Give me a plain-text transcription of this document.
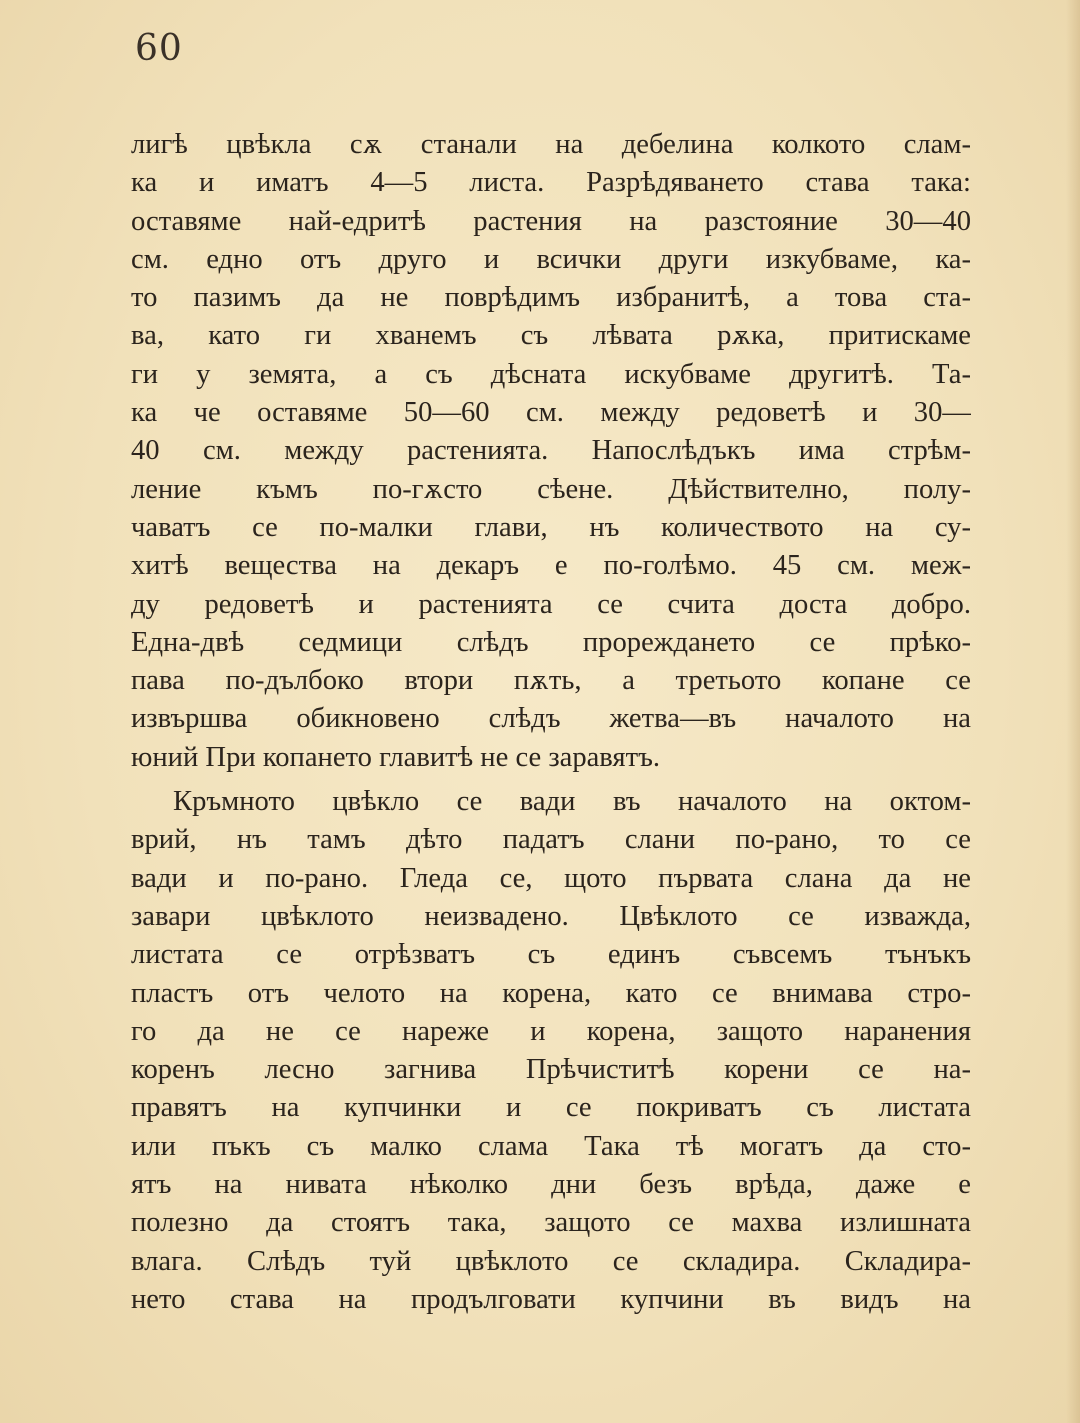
60
лигѣ цвѣкла сѫ станали на дебелина колкото слам-
ка и иматъ 4—5 листа. Разрѣдяването става така:
оставяме най-едритѣ растения на разстояние 30—40
см. едно отъ друго и всички други изкубваме, ка-
то пазимъ да не поврѣдимъ избранитѣ, а това ста-
ва, като ги хванемъ съ лѣвата рѫка, притискаме
ги у земята, а съ дѣсната искубваме другитѣ. Та-
ка че оставяме 50—60 см. между редоветѣ и 30—
40 см. между растенията. Напослѣдъкъ има стрѣм-
ление къмъ по-гѫсто сѣене. Дѣйствително, полу-
чаватъ се по-малки глави, нъ количеството на су-
хитѣ вещества на декаръ е по-голѣмо. 45 см. меж-
ду редоветѣ и растенията се счита доста добро.
Една-двѣ седмици слѣдъ прореждането се прѣко-
пава по-дълбоко втори пѫть, а третьото копане се
извършва обикновено слѣдъ жетва—въ началото на
юний При копането главитѣ не се заравятъ.
Кръмното цвѣкло се вади въ началото на октом-
врий, нъ тамъ дѣто падатъ слани по-рано, то се
вади и по-рано. Гледа се, щото първата слана да не
завари цвѣклото неизвадено. Цвѣклото се изважда,
листата се отрѣзватъ съ единъ съвсемъ тънъкъ
пластъ отъ челото на корена, като се внимава стро-
го да не се нареже и корена, защото наранения
коренъ лесно загнива Прѣчиститѣ корени се на-
правятъ на купчинки и се покриватъ съ листата
или пъкъ съ малко слама Така тѣ могатъ да сто-
ятъ на нивата нѣколко дни безъ врѣда, даже е
полезно да стоятъ така, защото се махва излишната
влага. Слѣдъ туй цвѣклото се складира. Складира-
нето става на продълговати купчини въ видъ на
